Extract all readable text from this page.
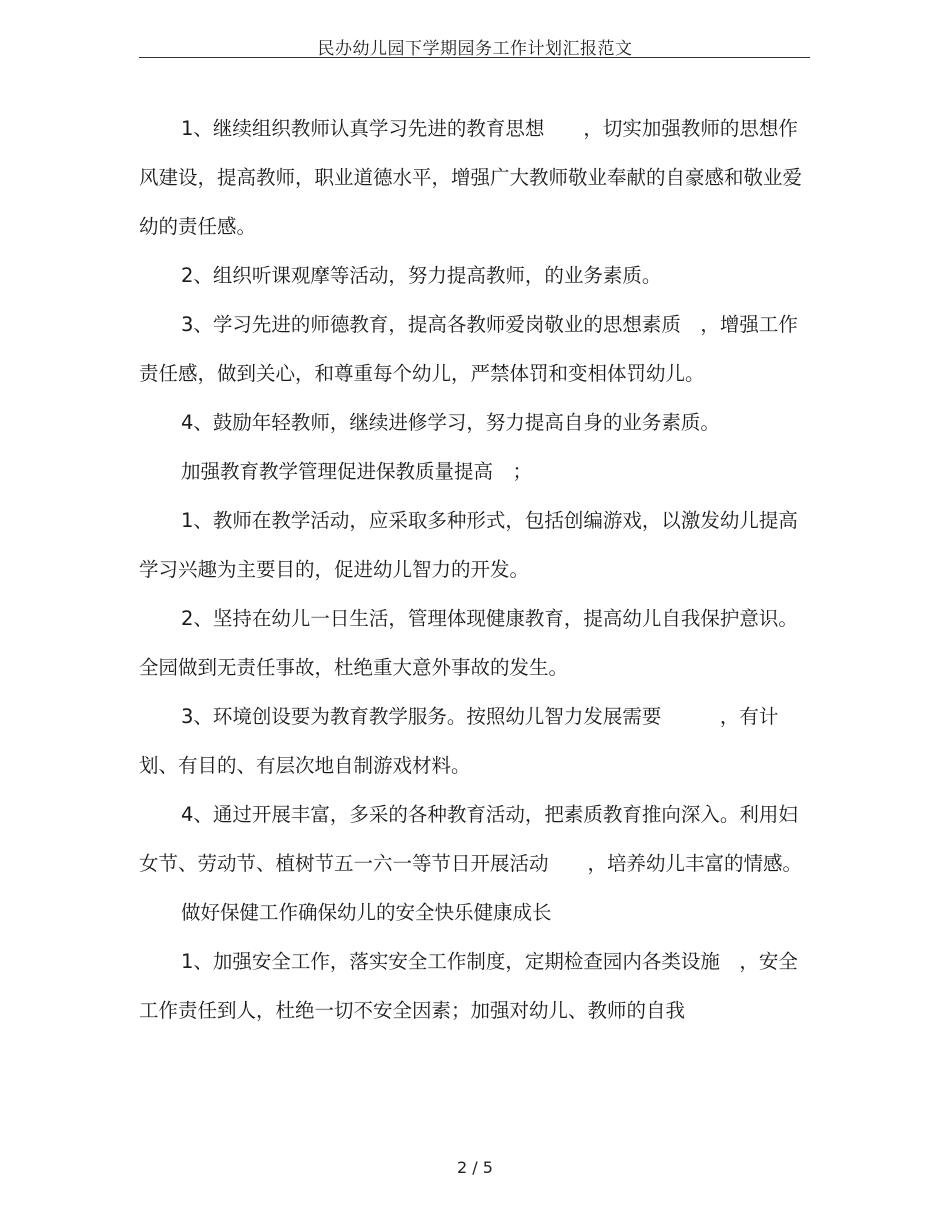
民办幼儿园下学期园务工作计划汇报范文

1、继续组织教师认真学习先进的教育思想　　，切实加强教师的思想作风建设，提高教师，职业道德水平，增强广大教师敬业奉献的自豪感和敬业爱幼的责任感。

2、组织听课观摩等活动，努力提高教师，的业务素质。

3、学习先进的师德教育，提高各教师爱岗敬业的思想素质　，增强工作责任感，做到关心，和尊重每个幼儿，严禁体罚和变相体罚幼儿。

4、鼓励年轻教师，继续进修学习，努力提高自身的业务素质。

加强教育教学管理促进保教质量提高　；

1、教师在教学活动，应采取多种形式，包括创编游戏，以激发幼儿提高学习兴趣为主要目的，促进幼儿智力的开发。

2、坚持在幼儿一日生活，管理体现健康教育，提高幼儿自我保护意识。全园做到无责任事故，杜绝重大意外事故的发生。

3、环境创设要为教育教学服务。按照幼儿智力发展需要　　　，有计划、有目的、有层次地自制游戏材料。

4、通过开展丰富，多采的各种教育活动，把素质教育推向深入。利用妇女节、劳动节、植树节五一六一等节日开展活动　　，培养幼儿丰富的情感。

做好保健工作确保幼儿的安全快乐健康成长

1、加强安全工作，落实安全工作制度，定期检查园内各类设施　，安全工作责任到人，杜绝一切不安全因素；加强对幼儿、教师的自我

2 / 5
